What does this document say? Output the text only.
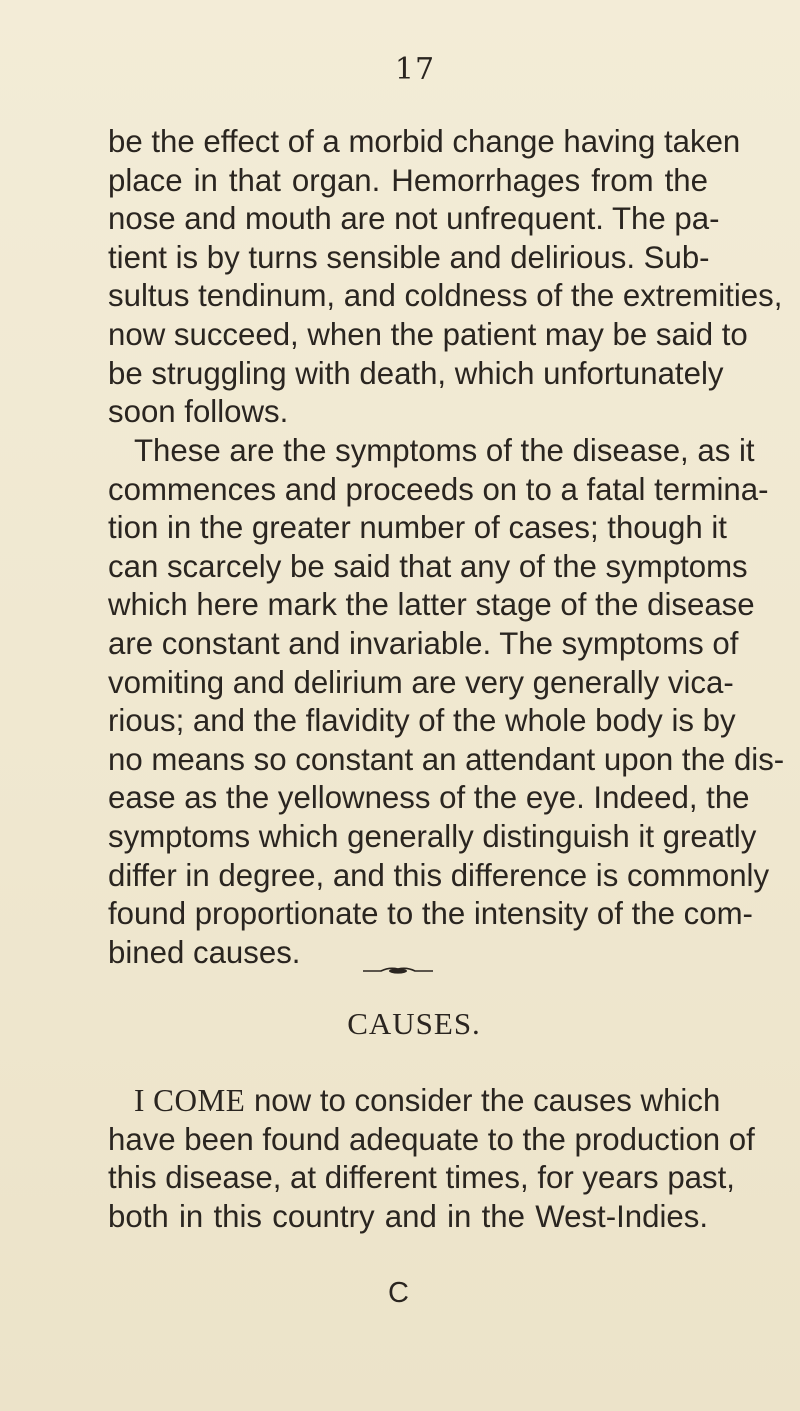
17
be the effect of a morbid change having taken
place in that organ. Hemorrhages from the
nose and mouth are not unfrequent. The pa-
tient is by turns sensible and delirious. Sub-
sultus tendinum, and coldness of the extremities,
now succeed, when the patient may be said to
be struggling with death, which unfortunately
soon follows.
These are the symptoms of the disease, as it
commences and proceeds on to a fatal termina-
tion in the greater number of cases; though it
can scarcely be said that any of the symptoms
which here mark the latter stage of the disease
are constant and invariable. The symptoms of
vomiting and delirium are very generally vica-
rious; and the flavidity of the whole body is by
no means so constant an attendant upon the dis-
ease as the yellowness of the eye. Indeed, the
symptoms which generally distinguish it greatly
differ in degree, and this difference is commonly
found proportionate to the intensity of the com-
bined causes.
CAUSES.
I COME now to consider the causes which
have been found adequate to the production of
this disease, at different times, for years past,
both in this country and in the West-Indies.
C
